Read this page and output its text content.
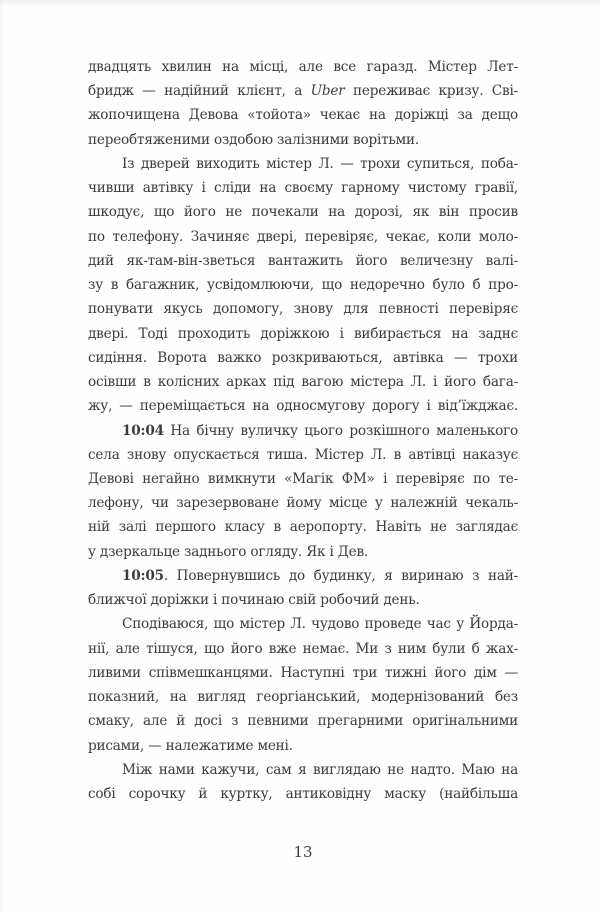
двадцять хвилин на місці, але все гаразд. Містер Лет-
бридж — надійний клієнт, а Uber переживає кризу. Сві-
жопочищена Девова «тойота» чекає на доріжці за дещо
переобтяженими оздобою залізними ворітьми.
Із дверей виходить містер Л. — трохи супиться, поба-
чивши автівку і сліди на своєму гарному чистому гравії,
шкодує, що його не почекали на дорозі, як він просив
по телефону. Зачиняє двері, перевіряє, чекає, коли моло-
дий як-там-він-зветься вантажить його величезну валі-
зу в багажник, усвідомлюючи, що недоречно було б про-
понувати якусь допомогу, знову для певності перевіряє
двері. Тоді проходить доріжкою і вибирається на заднє
сидіння. Ворота важко розкриваються, автівка — трохи
осівши в колісних арках під вагою містера Л. і його бага-
жу, — переміщається на односмугову дорогу і від’їжджає.
10:04 На бічну вуличку цього розкішного маленького
села знову опускається тиша. Містер Л. в автівці наказує
Девові негайно вимкнути «Магік ФМ» і перевіряє по те-
лефону, чи зарезервоване йому місце у належній чекаль-
ній залі першого класу в аеропорту. Навіть не заглядає
у дзеркальце заднього огляду. Як і Дев.
10:05. Повернувшись до будинку, я виринаю з най-
ближчої доріжки і починаю свій робочий день.
Сподіваюся, що містер Л. чудово проведе час у Йорда-
нії, але тішуся, що його вже немає. Ми з ним були б жах-
ливими співмешканцями. Наступні три тижні його дім —
показний, на вигляд георгіанський, модернізований без
смаку, але й досі з певними прегарними оригінальними
рисами, — належатиме мені.
Між нами кажучи, сам я виглядаю не надто. Маю на
собі сорочку й куртку, антиковідну маску (найбільша
13
